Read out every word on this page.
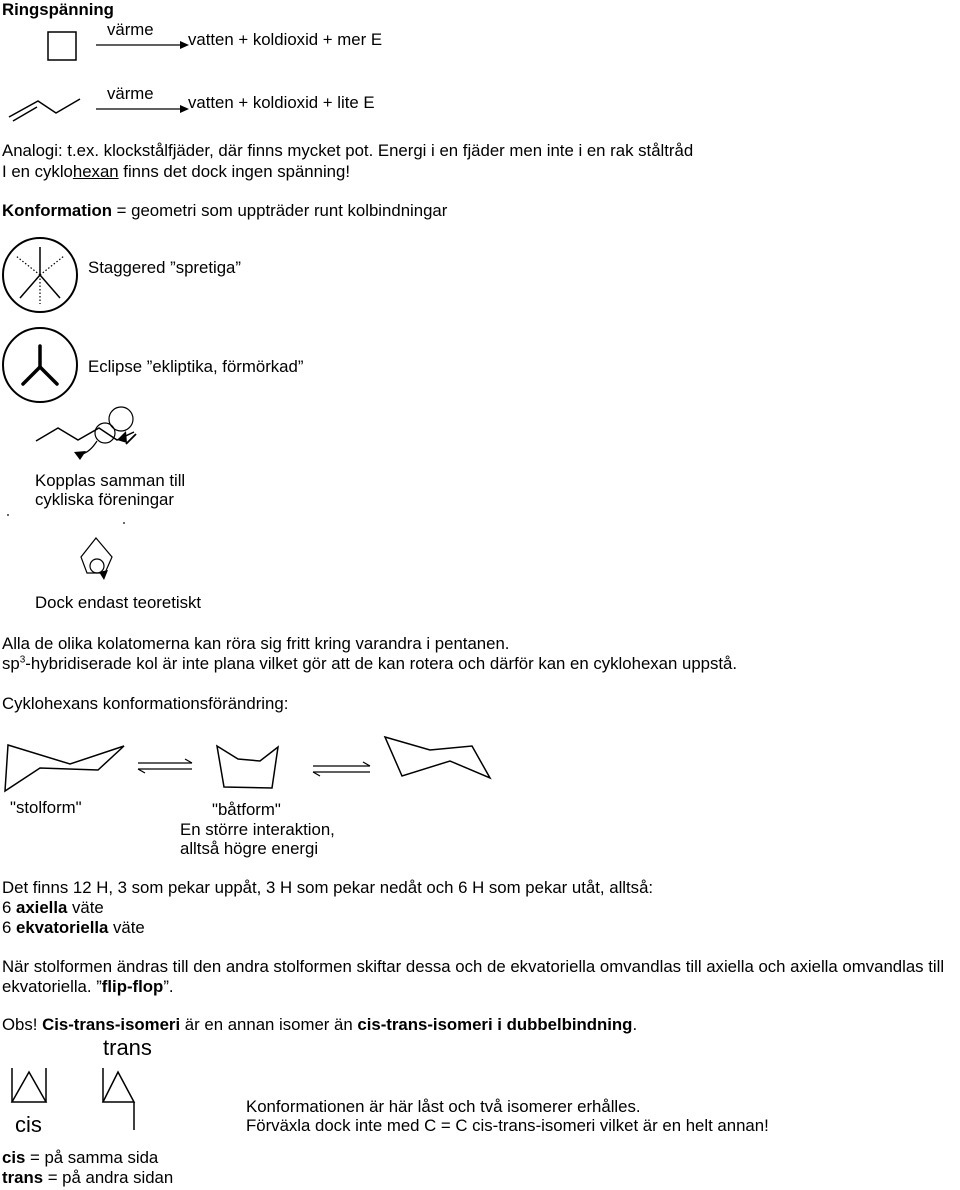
Ringspänning
värme
vatten + koldioxid + mer E
värme vatten + koldioxid + lite E
Analogi: t.ex. klockstålfjäder, där finns mycket pot. Energi i en fjäder men inte i en rak ståltråd
I en cyklohexan finns det dock ingen spänning!
Konformation = geometri som uppträder runt kolbindningar
Staggered ”spretiga”
Eclipse ”ekliptika, förmörkad”
Kopplas samman till
cykliska föreningar
Dock endast teoretiskt
Alla de olika kolatomerna kan röra sig fritt kring varandra i pentanen.
$sp^3$-hybridiserade kol är inte plana vilket gör att de kan rotera och därför kan en cyklohexan uppstå.
Cyklohexans konformationsförändring:
"stolform"	"båtform"
En större interaktion,
alltså högre energi
Det finns 12 H, 3 som pekar uppåt, 3 H som pekar nedåt och 6 H som pekar utåt, alltså:
6 axiella väte
6 ekvatoriella väte
När stolformen ändras till den andra stolformen skiftar dessa och de ekvatoriella omvandlas till axiella och axiella omvandlas till
ekvatoriella. ”flip-flop”.
Obs! Cis-trans-isomeri är en annan isomer än cis-trans-isomeri i dubbelbindning.
trans
Konformationen är här låst och två isomerer erhålles.
Förväxla dock inte med C = C cis-trans-isomeri vilket är en helt annan!
cis
cis = på samma sida
trans = på andra sidan
